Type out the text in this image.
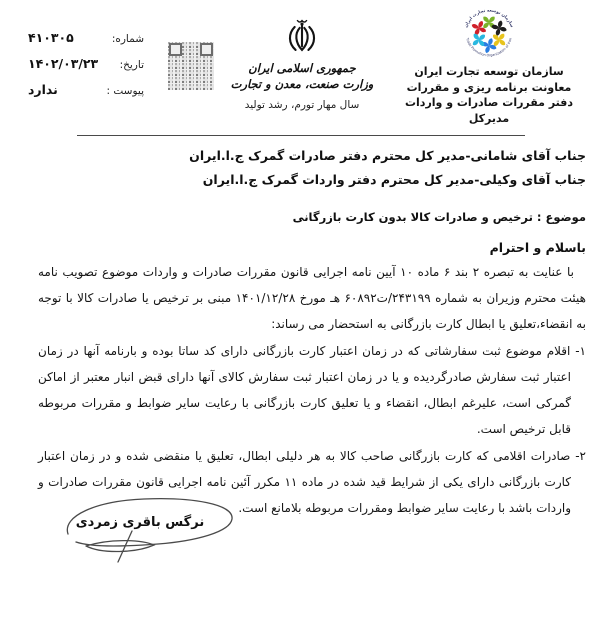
شماره:
۴۱۰۳۰۵
تاریخ:
۱۴۰۲/۰۳/۲۳
پیوست :
ندارد
جمهوری اسلامی ایران
وزارت صنعت، معدن و تجارت
سال مهار تورم، رشد تولید
سازمان توسعه تجارت ایران
Trade Promotion Organization of Iran
سازمان توسعه تجارت ایران
معاونت برنامه ریزی و مقررات
دفتر مقررات صادرات و واردات
مدیرکل
جناب آقای شامانی-مدیر کل محترم دفتر صادرات گمرک ج.ا.ایران
جناب آقای وکیلی-مدیر کل محترم دفتر واردات گمرک ج.ا.ایران
موضوع : ترخیص و صادرات کالا بدون کارت بازرگانی
باسلام و احترام

با عنایت به تبصره ۲ بند ۶ ماده ۱۰ آیین نامه اجرایی قانون مقررات صادرات و واردات موضوع تصویب نامه هیئت محترم وزیران به شماره ۲۴۳۱۹۹/ت۶۰۸۹۲ هـ مورخ ۱۴۰۱/۱۲/۲۸ مبنی بر ترخیص یا صادرات کالا با توجه به انقضاء،تعلیق یا ابطال کارت بازرگانی به استحضار می رساند:

۱- اقلام موضوع ثبت سفارشاتی که در زمان اعتبار کارت بازرگانی دارای کد ساتا بوده و بارنامه آنها در زمان اعتبار ثبت سفارش صادرگردیده و یا در زمان اعتبار ثبت سفارش کالای آنها دارای قبض انبار معتبر از اماکن گمرکی است، علیرغم ابطال، انقضاء و یا تعلیق کارت بازرگانی با رعایت سایر ضوابط و مقررات مربوطه قابل ترخیص است.

۲- صادرات اقلامی که کارت بازرگانی صاحب کالا به هر دلیلی ابطال، تعلیق یا منقضی شده و در زمان اعتبار کارت بازرگانی دارای یکی از شرایط قید شده در ماده ۱۱ مکرر آئین نامه اجرایی قانون مقررات صادرات و واردات باشد با رعایت سایر ضوابط ومقررات مربوطه بلامانع است.

نرگس باقری زمردی
